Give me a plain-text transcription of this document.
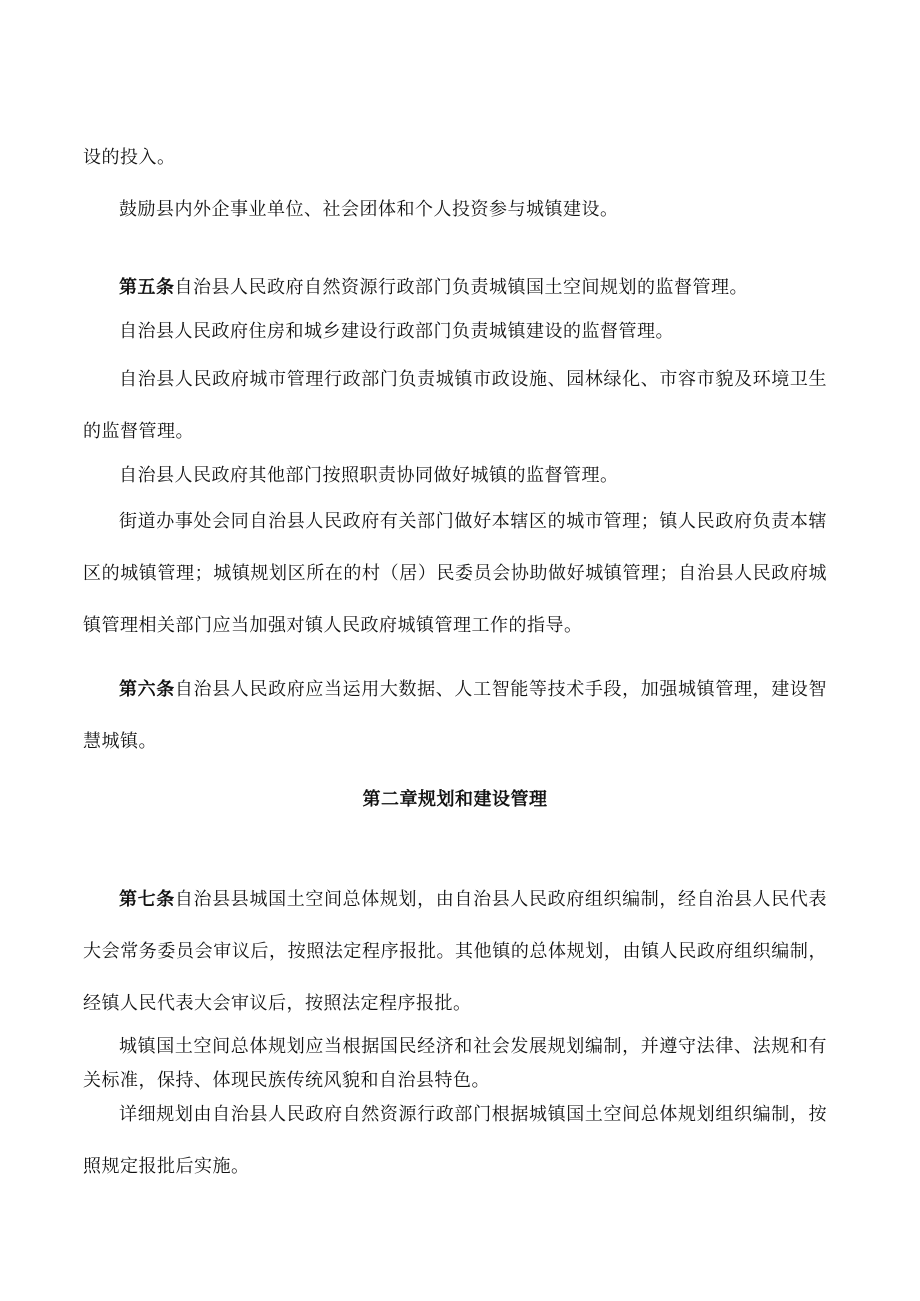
设的投入。

鼓励县内外企事业单位、社会团体和个人投资参与城镇建设。

第五条自治县人民政府自然资源行政部门负责城镇国土空间规划的监督管理。

自治县人民政府住房和城乡建设行政部门负责城镇建设的监督管理。

自治县人民政府城市管理行政部门负责城镇市政设施、园林绿化、市容市貌及环境卫生的监督管理。

自治县人民政府其他部门按照职责协同做好城镇的监督管理。

街道办事处会同自治县人民政府有关部门做好本辖区的城市管理；镇人民政府负责本辖区的城镇管理；城镇规划区所在的村（居）民委员会协助做好城镇管理；自治县人民政府城镇管理相关部门应当加强对镇人民政府城镇管理工作的指导。

第六条自治县人民政府应当运用大数据、人工智能等技术手段，加强城镇管理，建设智慧城镇。

第二章规划和建设管理

第七条自治县县城国土空间总体规划，由自治县人民政府组织编制，经自治县人民代表大会常务委员会审议后，按照法定程序报批。其他镇的总体规划，由镇人民政府组织编制，经镇人民代表大会审议后，按照法定程序报批。

城镇国土空间总体规划应当根据国民经济和社会发展规划编制，并遵守法律、法规和有关标准，保持、体现民族传统风貌和自治县特色。

详细规划由自治县人民政府自然资源行政部门根据城镇国土空间总体规划组织编制，按照规定报批后实施。
